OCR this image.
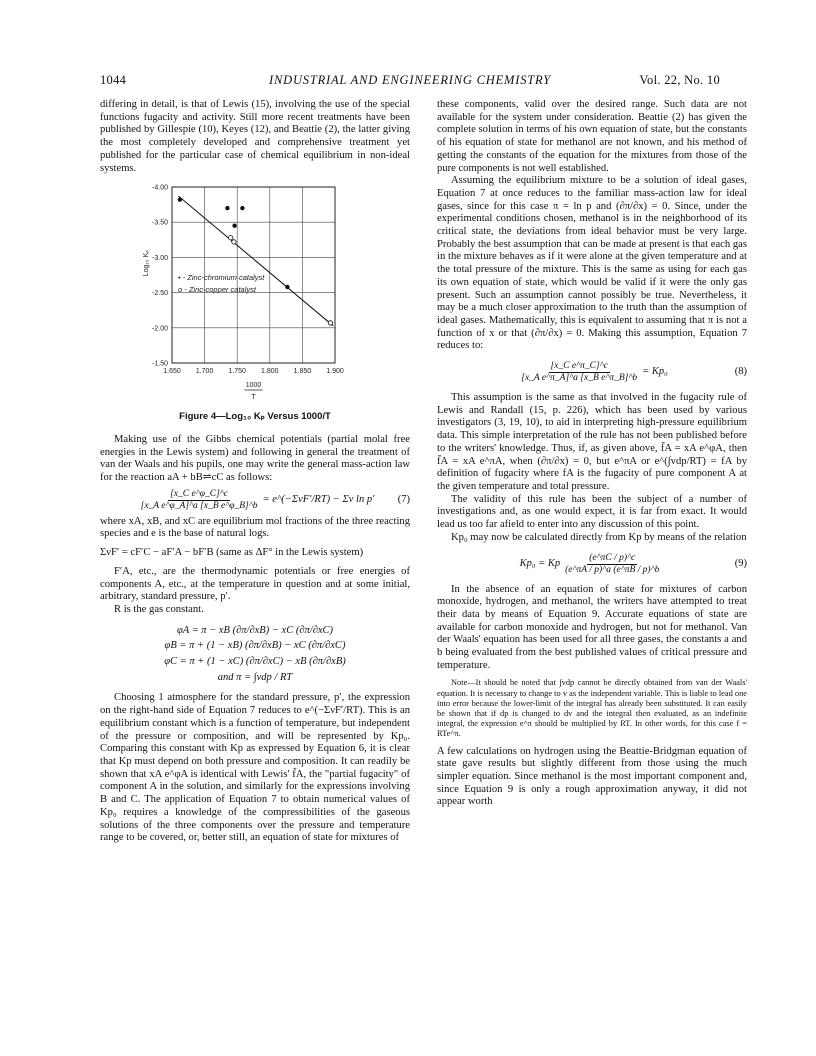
1044	INDUSTRIAL AND ENGINEERING CHEMISTRY	Vol. 22, No. 10

differing in detail, is that of Lewis (15), involving the use of the special functions fugacity and activity. Still more recent treatments have been published by Gillespie (10), Keyes (12), and Beattie (2), the latter giving the most completely developed and comprehensive treatment yet published for the particular case of chemical equilibrium in non-ideal systems.

-4.00
-3.50
-3.00
-2.50
-2.00
-1.50
1.650 1.700 1.750 1.800 1.850 1.900
Log₁₀ Kₚ
1000
T
• - Zinc-chromium catalyst
o - Zinc-copper catalyst
Figure 4—Log₁₀ Kₚ Versus 1000/T

Making use of the Gibbs chemical potentials (partial molal free energies in the Lewis system) and following in general the treatment of van der Waals and his pupils, one may write the general mass-action law for the reaction aA + bB⇌cC as follows:

$\frac{\text{[x\_C e\textasciicircum{}φ\_C]\textasciicircum{}c}}{\text{[x\_A e\textasciicircum{}φ\_A]\textasciicircum{}a [x\_B e\textasciicircum{}φ\_B]\textasciicircum{}b}}$ = e^(−ΣνF′/RT) − Σν ln p′ (7)

where xA, xB, and xC are equilibrium mol fractions of the three reacting species and e is the base of natural logs.

ΣνF′ = cF′C − aF′A − bF′B (same as ΔF° in the Lewis system)

F′A, etc., are the thermodynamic potentials or free energies of components A, etc., at the temperature in question and at some initial, arbitrary, standard pressure, p′.

R is the gas constant.

φA = π − xB (∂π/∂xB) − xC (∂π/∂xC)
φB = π + (1 − xB) (∂π/∂xB) − xC (∂π/∂xC)
φC = π + (1 − xC) (∂π/∂xC) − xB (∂π/∂xB)
and π = ∫vdp / RT

Choosing 1 atmosphere for the standard pressure, p′, the expression on the right-hand side of Equation 7 reduces to e^(−ΣνF′/RT). This is an equilibrium constant which is a function of temperature, but independent of the pressure or composition, and will be represented by Kp₀. Comparing this constant with Kp as expressed by Equation 6, it is clear that Kp must depend on both pressure and composition. It can readily be shown that xA e^φA is identical with Lewis' f̄A, the "partial fugacity" of component A in the solution, and similarly for the expressions involving B and C. The application of Equation 7 to obtain numerical values of Kp₀ requires a knowledge of the compressibilities of the gaseous solutions of the three components over the pressure and temperature range to be covered, or, better still, an equation of state for mixtures of

these components, valid over the desired range. Such data are not available for the system under consideration. Beattie (2) has given the complete solution in terms of his own equation of state, but the constants of his equation of state for methanol are not known, and his method of getting the constants of the equation for the mixtures from those of the pure components is not well established.

Assuming the equilibrium mixture to be a solution of ideal gases, Equation 7 at once reduces to the familiar mass-action law for ideal gases, since for this case π = ln p and (∂π/∂x) = 0. Since, under the experimental conditions chosen, methanol is in the neighborhood of its critical state, the deviations from ideal behavior must be very large. Probably the best assumption that can be made at present is that each gas in the mixture behaves as if it were alone at the given temperature and at the total pressure of the mixture. This is the same as using for each gas its own equation of state, which would be valid if it were the only gas present. Such an assumption cannot possibly be true. Nevertheless, it may be a much closer approximation to the truth than the assumption of ideal gases. Mathematically, this is equivalent to assuming that π is not a function of x or that (∂π/∂x) = 0. Making this assumption, Equation 7 reduces to:

$\frac{\text{[x\_C e\textasciicircum{}π\_C]\textasciicircum{}c}}{\text{[x\_A e\textasciicircum{}π\_A]\textasciicircum{}a [x\_B e\textasciicircum{}π\_B]\textasciicircum{}b}} = Kp_0$	(8)

This assumption is the same as that involved in the fugacity rule of Lewis and Randall (15, p. 226), which has been used by various investigators (3, 19, 10), to aid in interpreting high-pressure equilibrium data. This simple interpretation of the rule has not been published before to the writers' knowledge. Thus, if, as given above, f̄A = xA e^φA, then f̄A = xA e^πA, when (∂π/∂x) = 0, but e^πA or e^(∫vdp/RT) = fA by definition of fugacity where fA is the fugacity of pure component A at the given temperature and total pressure.

The validity of this rule has been the subject of a number of investigations and, as one would expect, it is far from exact. It would lead us too far afield to enter into any discussion of this point.

Kp₀ may now be calculated directly from Kp by means of the relation

Kp₀ = Kp $\frac{(e\^{}\pi C / p)\^{}c}{(e\^{}\pi A / p)\^{}a (e\^{}\pi B / p)\^{}b}$	(9)

In the absence of an equation of state for mixtures of carbon monoxide, hydrogen, and methanol, the writers have attempted to treat their data by means of Equation 9. Accurate equations of state are available for carbon monoxide and hydrogen, but not for methanol. Van der Waals' equation has been used for all three gases, the constants a and b being evaluated from the best published values of critical pressure and temperature.

Note—It should be noted that ∫vdp cannot be directly obtained from van der Waals' equation. It is necessary to change to v as the independent variable. This is liable to lead one into error because the lower-limit of the integral has already been substituted. It can easily be shown that if dp is changed to dv and the integral then evaluated, as an indefinite integral, the expression e^π should be multiplied by RT. In other words, for this case f = RTe^π.

A few calculations on hydrogen using the Beattie-Bridgman equation of state gave results but slightly different from those using the much simpler equation. Since methanol is the most important component and, since Equation 9 is only a rough approximation anyway, it did not appear worth
